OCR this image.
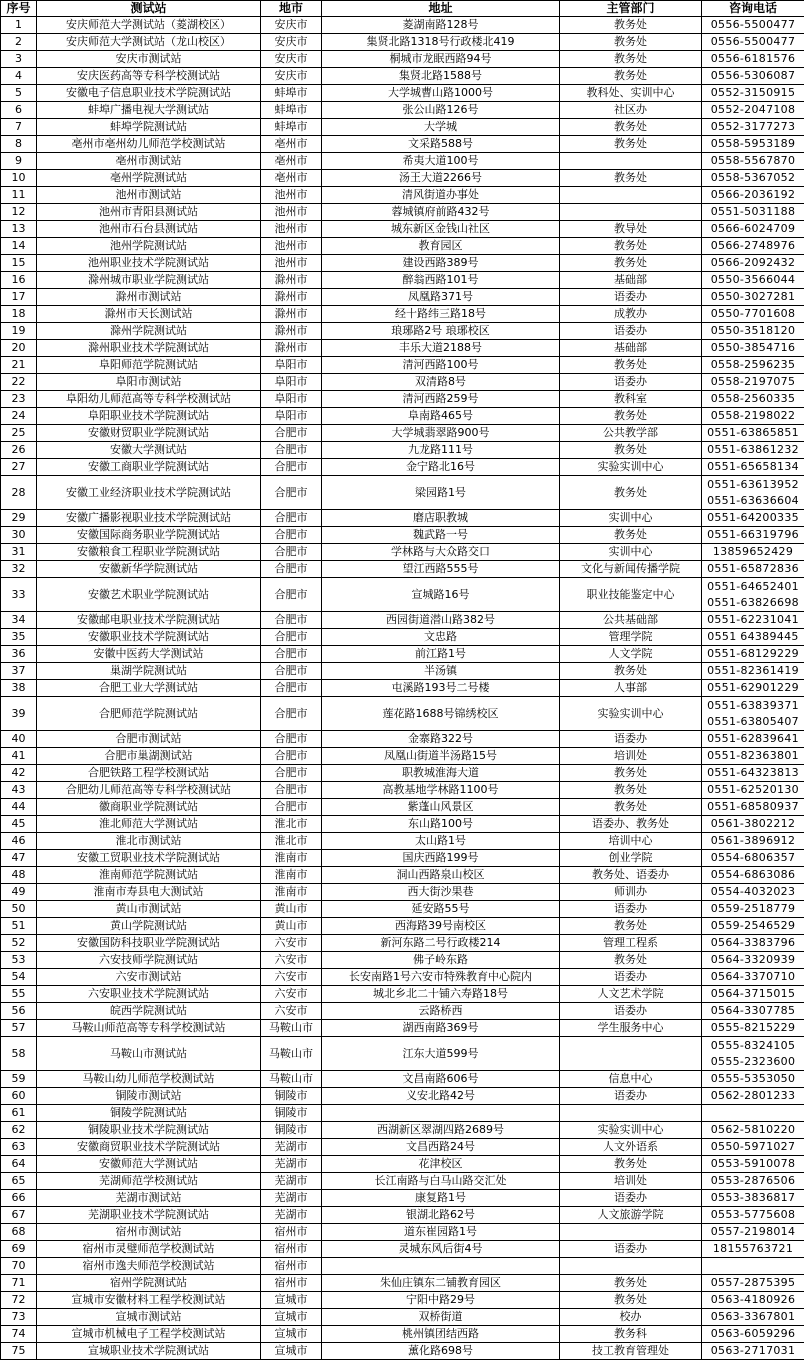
序号	测试站	地市	地址	主管部门	咨询电话
1	安庆师范大学测试站（菱湖校区）	安庆市	菱湖南路128号	教务处	0556-5500477
2	安庆师范大学测试站（龙山校区）	安庆市	集贤北路1318号行政楼北419	教务处	0556-5500477
3	安庆市测试站	安庆市	桐城市龙眠西路94号	教务处	0556-6181576
4	安庆医药高等专科学校测试站	安庆市	集贤北路1588号	教务处	0556-5306087
5	安徽电子信息职业技术学院测试站	蚌埠市	大学城曹山路1000号	教科处、实训中心	0552-3150915
6	蚌埠广播电视大学测试站	蚌埠市	张公山路126号	社区办	0552-2047108
7	蚌埠学院测试站	蚌埠市	大学城	教务处	0552-3177273
8	亳州市亳州幼儿师范学校测试站	亳州市	文采路588号	教务处	0558-5953189
9	亳州市测试站	亳州市	希夷大道100号		0558-5567870
10	亳州学院测试站	亳州市	汤王大道2266号	教务处	0558-5367052
11	池州市测试站	池州市	清风街道办事处		0566-2036192
12	池州市青阳县测试站	池州市	蓉城镇府前路432号		0551-5031188
13	池州市石台县测试站	池州市	城东新区金钱山社区	教导处	0566-6024709
14	池州学院测试站	池州市	教育园区	教务处	0566-2748976
15	池州职业技术学院测试站	池州市	建设西路389号	教务处	0566-2092432
16	滁州城市职业学院测试站	滁州市	醉翁西路101号	基础部	0550-3566044
17	滁州市测试站	滁州市	凤凰路371号	语委办	0550-3027281
18	滁州市天长测试站	滁州市	经十路纬三路18号	成教办	0550-7701608
19	滁州学院测试站	滁州市	琅琊路2号 琅琊校区	语委办	0550-3518120
20	滁州职业技术学院测试站	滁州市	丰乐大道2188号	基础部	0550-3854716
21	阜阳师范学院测试站	阜阳市	清河西路100号	教务处	0558-2596235
22	阜阳市测试站	阜阳市	双清路8号	语委办	0558-2197075
23	阜阳幼儿师范高等专科学校测试站	阜阳市	清河西路259号	教科室	0558-2560335
24	阜阳职业技术学院测试站	阜阳市	阜南路465号	教务处	0558-2198022
25	安徽财贸职业学院测试站	合肥市	大学城翡翠路900号	公共教学部	0551-63865851
26	安徽大学测试站	合肥市	九龙路111号	教务处	0551-63861232
27	安徽工商职业学院测试站	合肥市	金宁路北16号	实验实训中心	0551-65658134
28	安徽工业经济职业技术学院测试站	合肥市	梁园路1号	教务处	0551-63613952
0551-63636604
29	安徽广播影视职业技术学院测试站	合肥市	磨店职教城	实训中心	0551-64200335
30	安徽国际商务职业学院测试站	合肥市	魏武路一号	教务处	0551-66319796
31	安徽粮食工程职业学院测试站	合肥市	学林路与大众路交口	实训中心	13859652429
32	安徽新华学院测试站	合肥市	望江西路555号	文化与新闻传播学院	0551-65872836
33	安徽艺术职业学院测试站	合肥市	宣城路16号	职业技能鉴定中心	0551-64652401
0551-63826698
34	安徽邮电职业技术学院测试站	合肥市	西园街道潜山路382号	公共基础部	0551-62231041
35	安徽职业技术学院测试站	合肥市	文忠路	管理学院	0551 64389445
36	安徽中医药大学测试站	合肥市	前江路1号	人文学院	0551-68129229
37	巢湖学院测试站	合肥市	半汤镇	教务处	0551-82361419
38	合肥工业大学测试站	合肥市	屯溪路193号二号楼	人事部	0551-62901229
39	合肥师范学院测试站	合肥市	莲花路1688号锦绣校区	实验实训中心	0551-63839371
0551-63805407
40	合肥市测试站	合肥市	金寨路322号	语委办	0551-62839641
41	合肥市巢湖测试站	合肥市	凤凰山街道半汤路15号	培训处	0551-82363801
42	合肥铁路工程学校测试站	合肥市	职教城淮海大道	教务处	0551-64323813
43	合肥幼儿师范高等专科学校测试站	合肥市	高教基地学林路1100号	教务处	0551-62520130
44	徽商职业学院测试站	合肥市	紫蓬山风景区	教务处	0551-68580937
45	淮北师范大学测试站	淮北市	东山路100号	语委办、教务处	0561-3802212
46	淮北市测试站	淮北市	太山路1号	培训中心	0561-3896912
47	安徽工贸职业技术学院测试站	淮南市	国庆西路199号	创业学院	0554-6806357
48	淮南师范学院测试站	淮南市	洞山西路泉山校区	教务处、语委办	0554-6863086
49	淮南市寿县电大测试站	淮南市	西大街沙果巷	师训办	0554-4032023
50	黄山市测试站	黄山市	延安路55号	语委办	0559-2518779
51	黄山学院测试站	黄山市	西海路39号南校区	教务处	0559-2546529
52	安徽国防科技职业学院测试站	六安市	新河东路二号行政楼214	管理工程系	0564-3383796
53	六安技师学院测试站	六安市	佛子岭东路	教务处	0564-3320939
54	六安市测试站	六安市	长安南路1号六安市特殊教育中心院内	语委办	0564-3370710
55	六安职业技术学院测试站	六安市	城北乡北二十铺六寿路18号	人文艺术学院	0564-3715015
56	皖西学院测试站	六安市	云路桥西	语委办	0564-3307785
57	马鞍山师范高等专科学校测试站	马鞍山市	湖西南路369号	学生服务中心	0555-8215229
58	马鞍山市测试站	马鞍山市	江东大道599号		0555-8324105
0555-2323600
59	马鞍山幼儿师范学校测试站	马鞍山市	文昌南路606号	信息中心	0555-5353050
60	铜陵市测试站	铜陵市	义安北路42号	语委办	0562-2801233
61	铜陵学院测试站	铜陵市			
62	铜陵职业技术学院测试站	铜陵市	西湖新区翠湖四路2689号	实验实训中心	0562-5810220
63	安徽商贸职业技术学院测试站	芜湖市	文昌西路24号	人文外语系	0550-5971027
64	安徽师范大学测试站	芜湖市	花津校区	教务处	0553-5910078
65	芜湖师范学校测试站	芜湖市	长江南路与白马山路交汇处	培训处	0553-2876506
66	芜湖市测试站	芜湖市	康复路1号	语委办	0553-3836817
67	芜湖职业技术学院测试站	芜湖市	银湖北路62号	人文旅游学院	0553-5775608
68	宿州市测试站	宿州市	道东崔园路1号		0557-2198014
69	宿州市灵璧师范学校测试站	宿州市	灵城东风后街4号	语委办	18155763721
70	宿州市逸夫师范学校测试站	宿州市			
71	宿州学院测试站	宿州市	朱仙庄镇东二铺教育园区	教务处	0557-2875395
72	宣城市安徽材料工程学校测试站	宣城市	宁阳中路29号	教务处	0563-4180926
73	宣城市测试站	宣城市	双桥街道	校办	0563-3367801
74	宣城市机械电子工程学校测试站	宣城市	桃州镇团结西路	教务科	0563-6059296
75	宣城职业技术学院测试站	宣城市	薰化路698号	技工教育管理处	0563-2717031
